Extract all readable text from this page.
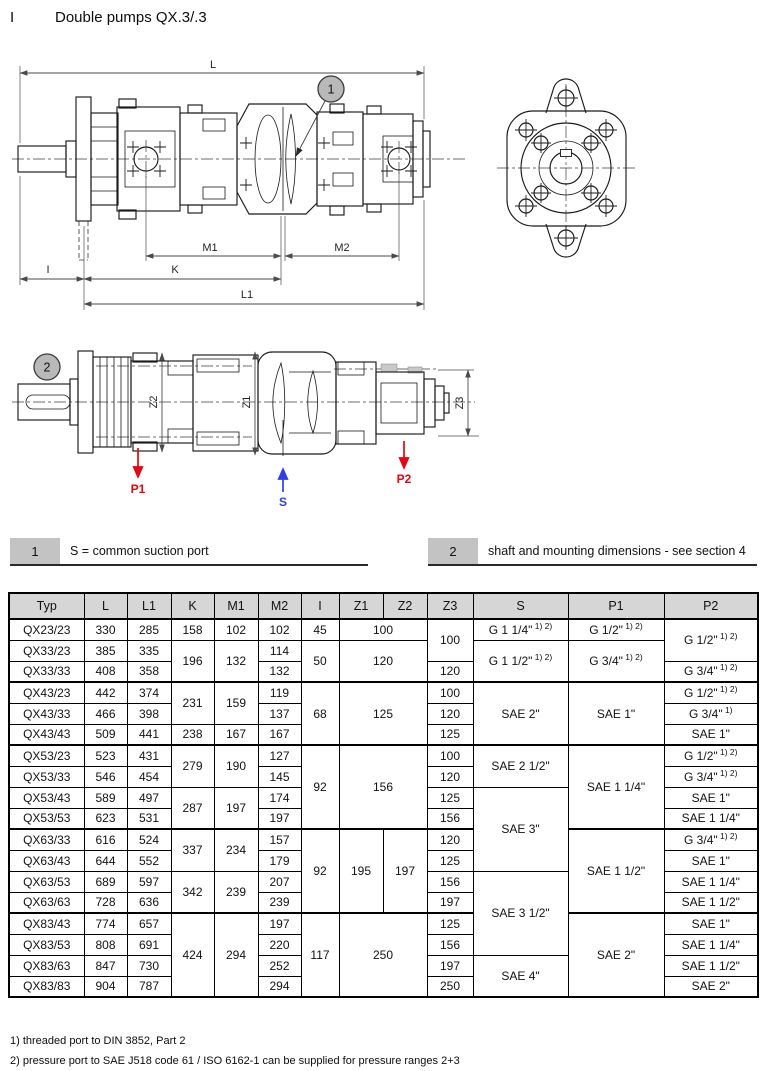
I	Double pumps QX.3/.3
L
1
M1	M2
I	K
L1
2
Z2	Z1	Z3
P1
S
P2
1	S = common suction port	2	shaft and mounting dimensions - see section 4
Typ	L	L1	K	M1	M2	I	Z1	Z2	Z3	S	P1	P2
QX23/23	330	285	158	102	102	45	100		100	G 1 1/4" $^{1) 2)}$	G 1/2" $^{1) 2)}$	G 1/2" $^{1) 2)}$
QX33/23	385	335	196	132	114	50	120			G 1 1/2" $^{1) 2)}$	G 3/4" $^{1) 2)}$
QX33/33	408	358			132				120			G 3/4" $^{1) 2)}$
QX43/23	442	374	231	159	119	68	125		100	SAE 2"	SAE 1"	G 1/2" $^{1) 2)}$
QX43/33	466	398			137				120			G 3/4" $^{1)}$
QX43/43	509	441	238	167	167				125			SAE 1"
QX53/23	523	431	279	190	127	92	156		100	SAE 2 1/2"	SAE 1 1/4"	G 1/2" $^{1) 2)}$
QX53/33	546	454			145				120			G 3/4" $^{1) 2)}$
QX53/43	589	497	287	197	174				125	SAE 3"		SAE 1"
QX53/53	623	531			197				156			SAE 1 1/4"
QX63/33	616	524	337	234	157	92	195	197	120		SAE 1 1/2"	G 3/4" $^{1) 2)}$
QX63/43	644	552			179				125			SAE 1"
QX63/53	689	597	342	239	207				156	SAE 3 1/2"		SAE 1 1/4"
QX63/63	728	636			239				197			SAE 1 1/2"
QX83/43	774	657	424	294	197	117	250		125		SAE 2"	SAE 1"
QX83/53	808	691			220				156			SAE 1 1/4"
QX83/63	847	730			252				197	SAE 4"		SAE 1 1/2"
QX83/83	904	787			294				250			SAE 2"
1) threaded port to DIN 3852, Part 2
2) pressure port to SAE J518 code 61 / ISO 6162-1 can be supplied for pressure ranges 2+3
